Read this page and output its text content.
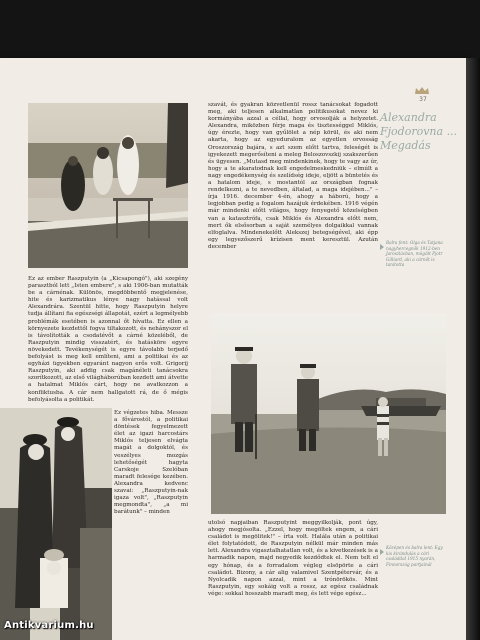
Ez az ember Raszputyin (a „Kicsapongó"), aki szegény parasztból lett „Isten embere", s aki 1906-ban mutatták be a cárnénak. Különös, megdöbbentő megjelenése, hite és karizmatikus lénye nagy hatással volt Alexandrára. Szentül hitte, hogy Raszputyin helyre tudja állítani fia egészségi állapotát, ezért a legmélyebb problémák esetében is azonnal őt hívatta. Ez ellen a környezete kezdettől fogva tiltakozott, és nehányszor el is távolították a csodatévőt a cárné közeléből, de Raszputyin mindig visszatért, és hatásköre egyre növekedett. Tevékenységét is egyre távolabb terjedő befolyást is meg kell említeni, ami a politikai és az egyházi ügyekben egyaránt nagyon erős volt. Grigorij Raszputyin, aki addig csak magánéleti tanácsokra szorítkozott, az első világháborúban kezdett ami átvette a hatalmat Miklós cárt, hogy ne avatkozzon a konfliktusba. A cár nem hallgatott rá, de ő mégis befolyásolta a politikát.

Ez végzetes hiba. Messze a fővárostól, a politikai döntések fegyelmezett élet az igazi harcostárs Miklós teljesen elvágta magát a dolgoktól, és veszélyes mozgás lehetőségét hagyta Carskoje Szelóban maradt felesége kezében. Alexandra kedvenc szavai: „Raszputyin-nak igaza volt", „Raszputyin megmondta", „a mi barátunk" – minden

szavát, és gyakran közvetlenül rossz tanácsokat fogadott meg, aki teljesen alkalmatlan politikusokat nevez ki kormányába azzal a céllal, hogy orvosolják a helyzetet. Alexandra, miközben férje maga és tisztességgel Miklós, úgy érezte, hogy van gyűlölet a nép körül, és aki nem akarta, hogy az egyeduralom az egyetlen orvosság Oroszország bajára, s azt szem előtt tartva, feleségét is igyekezett megerősíteni a meleg Beloszovszkij szakszerűen és ügyesen. „Mutasd meg mindenkinek, hogy te vagy az úr, hogy a te akaratodnak kell engedelmeskedniük – elmúlt a nagy engedékenység és szelídség ideje, eljött a büntetés és a hatalom ideje, s mostantól az országban fognak rendelkezni, a te nevedben, általad, a maga idejében..." – írja 1916. december 4-én, ahogy a háború, hogy a legjobban pedig a fogalom hazájuk érdekében. 1916 végén már mindenki előtt világos, hogy fenyegető közelségben van a katasztrófa, csak Miklós és Alexandra előtt nem, mert ők elsősorban a saját személyes dolgaikkal vannak elfoglalva. Mindenekelőtt Alekszej betegségével, aki épp egy legyezőszerű krízisen ment keresztül. Azután december

utolsó napjaiban Raszputyint meggyilkolják, pont úgy, ahogy megjósolta. „Ezzel, hogy megöltek engem, a cári családot is megölitek!" – írta volt. Halála után a politikai élet folytatódott, de Raszputyin nélkül már minden más lett. Alexandra vigasztalhatatlan volt, és a kivetkezések is a harmadik napon, majd negyedik kezdődtek el. Nem telt el egy hónap, és a forradalom végleg elsöpörte a cári családot. Bizony, a cár alig valamivel Szentpétervár, és a Nyolcadik napon azzal, mint a trónörökös. Mint Raszputyin, egy sokáig volt a rossz, az egész családnak vége: sokkal hosszabb maradt meg, és lett vége egész...

37
Alexandra Fjodorovna ... Megadás

Balra fent: Olga és Tatjana nagyhercegnők 1912-ben Jaroszlávban, mögött Pjotr Gilliard, aki a cárnőt is tanította

Középen és balra lent: Egy kis kirándulás a cári családdal 1915 nyarán, Finnország partjainál

Antikvarium.hu
